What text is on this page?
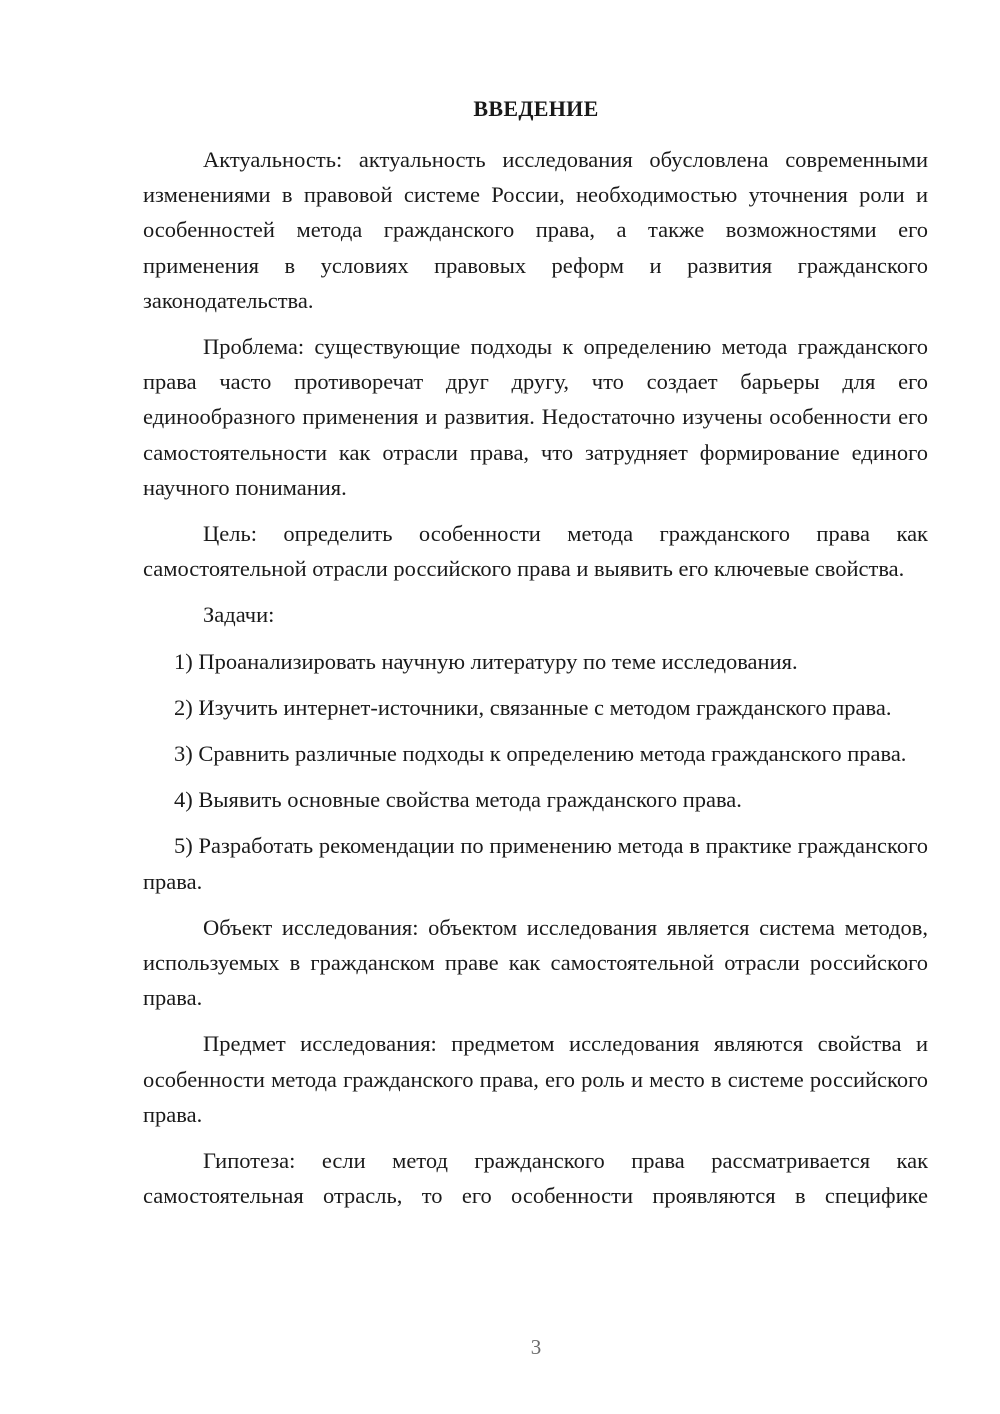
ВВЕДЕНИЕ

Актуальность: актуальность исследования обусловлена современными изменениями в правовой системе России, необходимостью уточнения роли и особенностей метода гражданского права, а также возможностями его применения в условиях правовых реформ и развития гражданского законодательства.

Проблема: существующие подходы к определению метода гражданского права часто противоречат друг другу, что создает барьеры для его единообразного применения и развития. Недостаточно изучены особенности его самостоятельности как отрасли права, что затрудняет формирование единого научного понимания.

Цель: определить особенности метода гражданского права как самостоятельной отрасли российского права и выявить его ключевые свойства.

Задачи:

1) Проанализировать научную литературу по теме исследования.

2) Изучить интернет-источники, связанные с методом гражданского права.

3) Сравнить различные подходы к определению метода гражданского права.

4) Выявить основные свойства метода гражданского права.

5) Разработать рекомендации по применению метода в практике гражданского права.

Объект исследования: объектом исследования является система методов, используемых в гражданском праве как самостоятельной отрасли российского права.

Предмет исследования: предметом исследования являются свойства и особенности метода гражданского права, его роль и место в системе российского права.

Гипотеза: если метод гражданского права рассматривается как самостоятельная отрасль, то его особенности проявляются в специфике

3
